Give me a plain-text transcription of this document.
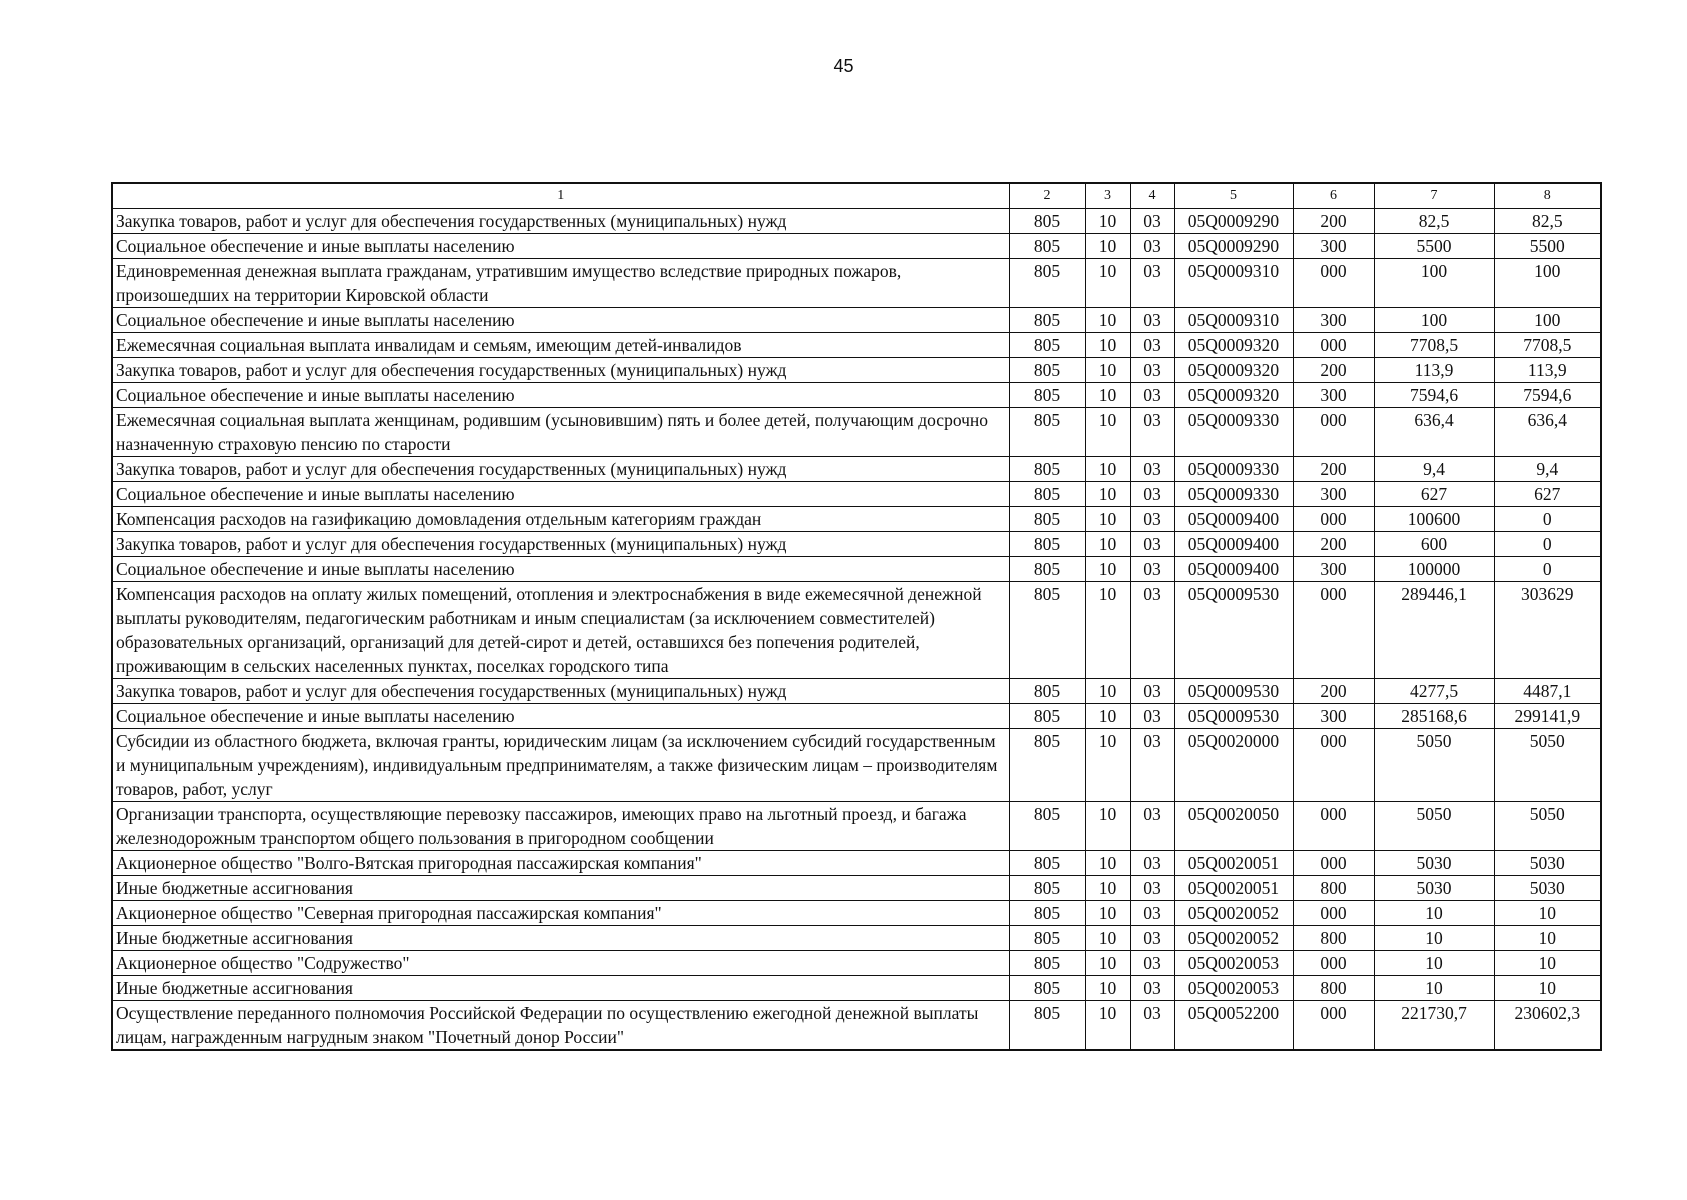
45
1	2	3	4	5	6	7	8
Закупка товаров, работ и услуг для обеспечения государственных (муниципальных) нужд	805	10	03	05Q0009290	200	82,5	82,5
Социальное обеспечение и иные выплаты населению	805	10	03	05Q0009290	300	5500	5500
Единовременная денежная выплата гражданам, утратившим имущество вследствие природных пожаров, произошедших на территории Кировской области	805	10	03	05Q0009310	000	100	100
Социальное обеспечение и иные выплаты населению	805	10	03	05Q0009310	300	100	100
Ежемесячная социальная выплата инвалидам и семьям, имеющим детей-инвалидов	805	10	03	05Q0009320	000	7708,5	7708,5
Закупка товаров, работ и услуг для обеспечения государственных (муниципальных) нужд	805	10	03	05Q0009320	200	113,9	113,9
Социальное обеспечение и иные выплаты населению	805	10	03	05Q0009320	300	7594,6	7594,6
Ежемесячная социальная выплата женщинам, родившим (усыновившим) пять и более детей, получающим досрочно назначенную страховую пенсию по старости	805	10	03	05Q0009330	000	636,4	636,4
Закупка товаров, работ и услуг для обеспечения государственных (муниципальных) нужд	805	10	03	05Q0009330	200	9,4	9,4
Социальное обеспечение и иные выплаты населению	805	10	03	05Q0009330	300	627	627
Компенсация расходов на газификацию домовладения отдельным категориям граждан	805	10	03	05Q0009400	000	100600	0
Закупка товаров, работ и услуг для обеспечения государственных (муниципальных) нужд	805	10	03	05Q0009400	200	600	0
Социальное обеспечение и иные выплаты населению	805	10	03	05Q0009400	300	100000	0
Компенсация расходов на оплату жилых помещений, отопления и электроснабжения в виде ежемесячной денежной выплаты руководителям, педагогическим работникам и иным специалистам (за исключением совместителей) образовательных организаций, организаций для детей-сирот и детей, оставшихся без попечения родителей, проживающим в сельских населенных пунктах, поселках городского типа	805	10	03	05Q0009530	000	289446,1	303629
Закупка товаров, работ и услуг для обеспечения государственных (муниципальных) нужд	805	10	03	05Q0009530	200	4277,5	4487,1
Социальное обеспечение и иные выплаты населению	805	10	03	05Q0009530	300	285168,6	299141,9
Субсидии из областного бюджета, включая гранты, юридическим лицам (за исключением субсидий государственным и муниципальным учреждениям), индивидуальным предпринимателям, а также физическим лицам – производителям товаров, работ, услуг	805	10	03	05Q0020000	000	5050	5050
Организации транспорта, осуществляющие перевозку пассажиров, имеющих право на льготный проезд, и багажа железнодорожным транспортом общего пользования в пригородном сообщении	805	10	03	05Q0020050	000	5050	5050
Акционерное общество "Волго-Вятская пригородная пассажирская компания"	805	10	03	05Q0020051	000	5030	5030
Иные бюджетные ассигнования	805	10	03	05Q0020051	800	5030	5030
Акционерное общество "Северная пригородная пассажирская компания"	805	10	03	05Q0020052	000	10	10
Иные бюджетные ассигнования	805	10	03	05Q0020052	800	10	10
Акционерное общество "Содружество"	805	10	03	05Q0020053	000	10	10
Иные бюджетные ассигнования	805	10	03	05Q0020053	800	10	10
Осуществление переданного полномочия Российской Федерации по осуществлению ежегодной денежной выплаты лицам, награжденным нагрудным знаком "Почетный донор России"	805	10	03	05Q0052200	000	221730,7	230602,3
